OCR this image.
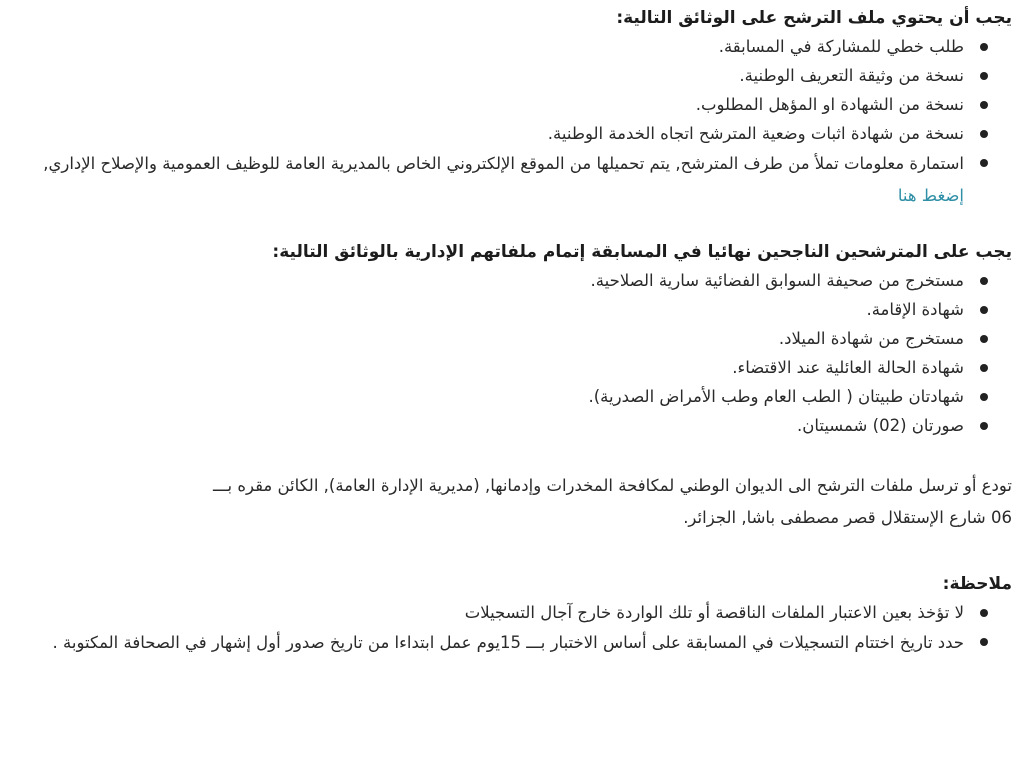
يجب أن يحتوي ملف الترشح على الوثائق التالية:

طلب خطي للمشاركة في المسابقة.
نسخة من وثيقة التعريف الوطنية.
نسخة من الشهادة او المؤهل المطلوب.
نسخة من شهادة اثبات وضعية المترشح اتجاه الخدمة الوطنية.
استمارة معلومات تملأ من طرف المترشح, يتم تحميلها من الموقع الإلكتروني الخاص بالمديرية العامة للوظيف العمومية والإصلاح الإداري, إضغط هنا

يجب على المترشحين الناجحين نهائيا في المسابقة إتمام ملفاتهم الإدارية بالوثائق التالية:

مستخرج من صحيفة السوابق الفضائية سارية الصلاحية.
شهادة الإقامة.
مستخرج من شهادة الميلاد.
شهادة الحالة العائلية عند الاقتضاء.
شهادتان طبيتان ( الطب العام وطب الأمراض الصدرية).
صورتان (02) شمسيتان.

تودع أو ترسل ملفات الترشح الى الديوان الوطني لمكافحة المخدرات وإدمانها, (مديرية الإدارة العامة), الكائن مقره بـــ

06 شارع الإستقلال قصر مصطفى باشا, الجزائر.

ملاحظة:

لا تؤخذ بعين الاعتبار الملفات الناقصة أو تلك الواردة خارج آجال التسجيلات
حدد تاريخ اختتام التسجيلات في المسابقة على أساس الاختبار بـــ 15يوم عمل ابتداءا من تاريخ صدور أول إشهار في الصحافة المكتوبة .
